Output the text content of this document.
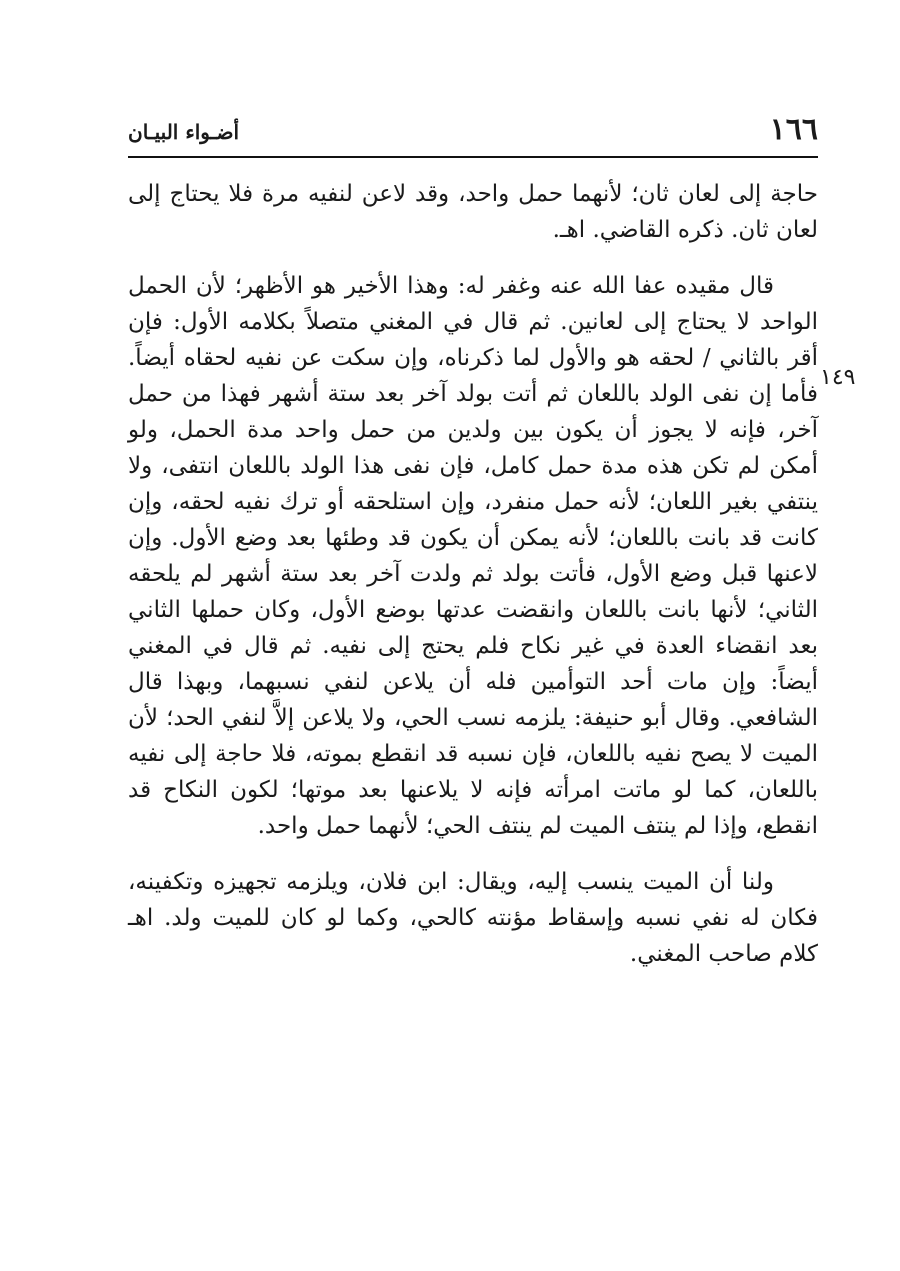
١٦٦
أضـواء البيـان
١٤٩

حاجة إلى لعان ثان؛ لأنهما حمل واحد، وقد لاعن لنفيه مرة فلا يحتاج إلى لعان ثان. ذكره القاضي. اهـ.

قال مقيده عفا الله عنه وغفر له: وهذا الأخير هو الأظهر؛ لأن الحمل الواحد لا يحتاج إلى لعانين. ثم قال في المغني متصلاً بكلامه الأول: فإن أقر بالثاني / لحقه هو والأول لما ذكرناه، وإن سكت عن نفيه لحقاه أيضاً. فأما إن نفى الولد باللعان ثم أتت بولد آخر بعد ستة أشهر فهذا من حمل آخر، فإنه لا يجوز أن يكون بين ولدين من حمل واحد مدة الحمل، ولو أمكن لم تكن هذه مدة حمل كامل، فإن نفى هذا الولد باللعان انتفى، ولا ينتفي بغير اللعان؛ لأنه حمل منفرد، وإن استلحقه أو ترك نفيه لحقه، وإن كانت قد بانت باللعان؛ لأنه يمكن أن يكون قد وطئها بعد وضع الأول. وإن لاعنها قبل وضع الأول، فأتت بولد ثم ولدت آخر بعد ستة أشهر لم يلحقه الثاني؛ لأنها بانت باللعان وانقضت عدتها بوضع الأول، وكان حملها الثاني بعد انقضاء العدة في غير نكاح فلم يحتج إلى نفيه. ثم قال في المغني أيضاً: وإن مات أحد التوأمين فله أن يلاعن لنفي نسبهما، وبهذا قال الشافعي. وقال أبو حنيفة: يلزمه نسب الحي، ولا يلاعن إلاَّ لنفي الحد؛ لأن الميت لا يصح نفيه باللعان، فإن نسبه قد انقطع بموته، فلا حاجة إلى نفيه باللعان، كما لو ماتت امرأته فإنه لا يلاعنها بعد موتها؛ لكون النكاح قد انقطع، وإذا لم ينتف الميت لم ينتف الحي؛ لأنهما حمل واحد.

ولنا أن الميت ينسب إليه، ويقال: ابن فلان، ويلزمه تجهيزه وتكفينه، فكان له نفي نسبه وإسقاط مؤنته كالحي، وكما لو كان للميت ولد. اهـ كلام صاحب المغني.
